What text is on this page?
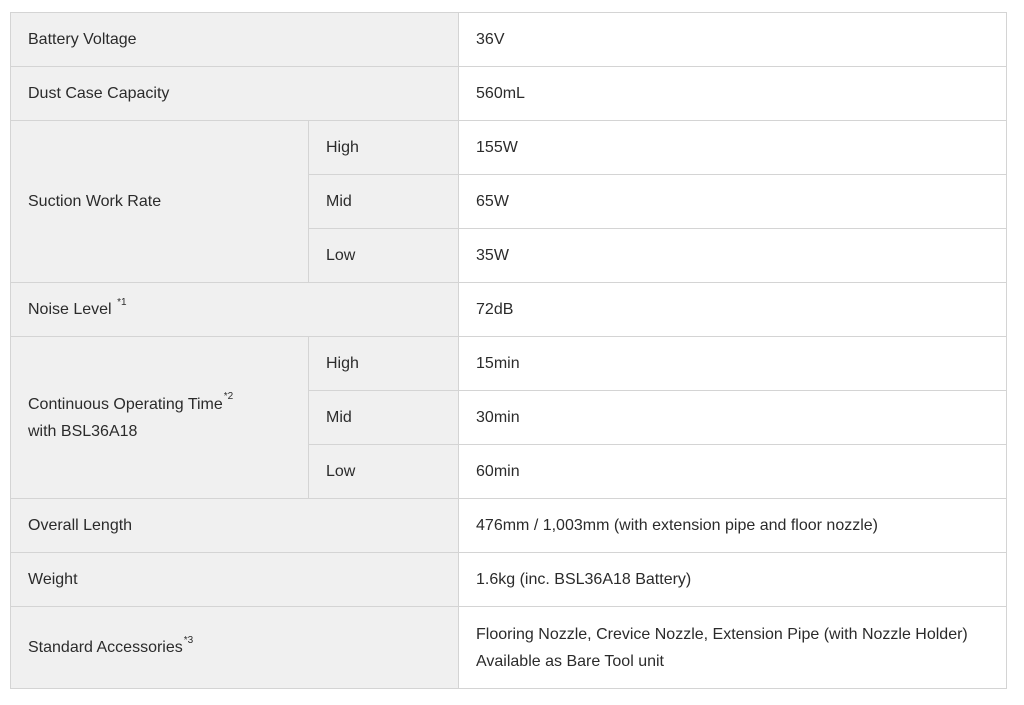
Battery Voltage		36V
Dust Case Capacity		560mL
Suction Work Rate	High	155W
	Mid	65W
	Low	35W
Noise Level $^{*1}$		72dB
Continuous Operating Time$^{*2}$
with BSL36A18	High	15min
	Mid	30min
	Low	60min
Overall Length		476mm / 1,003mm (with extension pipe and floor nozzle)
Weight		1.6kg (inc. BSL36A18 Battery)
Standard Accessories$^{*3}$		Flooring Nozzle, Crevice Nozzle, Extension Pipe (with Nozzle Holder)
Available as Bare Tool unit
